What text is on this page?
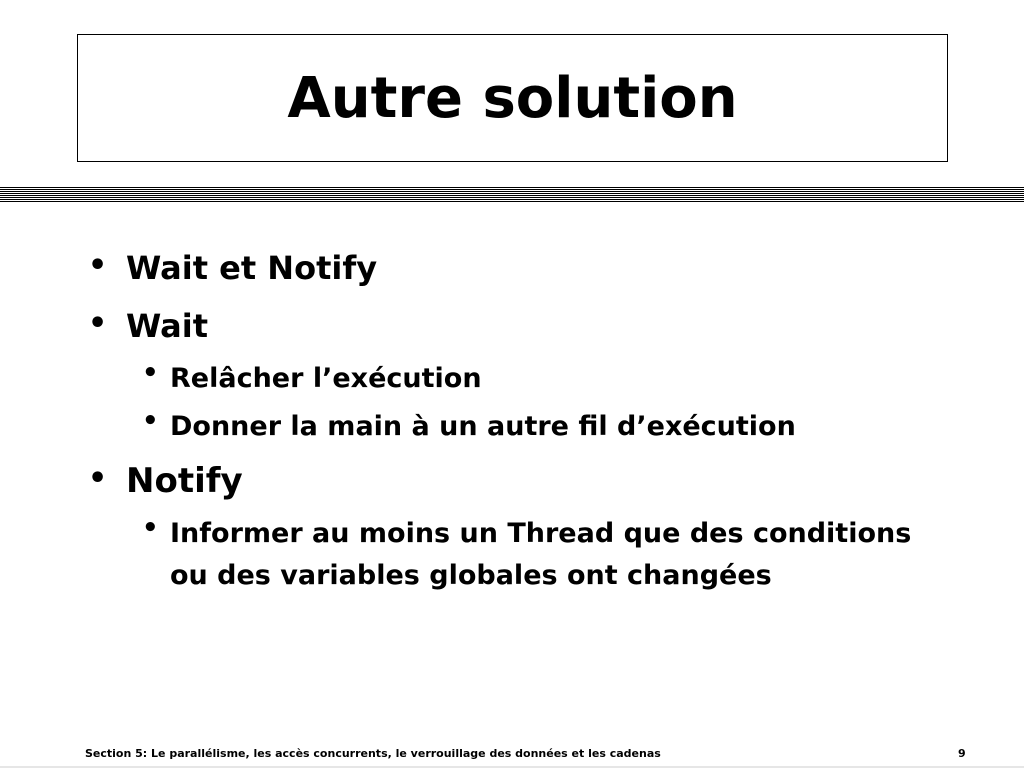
Autre solution
• Wait et Notify
• Wait
• Relâcher l’exécution
• Donner la main à un autre fil d’exécution
• Notify
• Informer au moins un Thread que des conditions ou des variables globales ont changées
Section 5: Le parallélisme, les accès concurrents, le verrouillage des données et les cadenas	9
